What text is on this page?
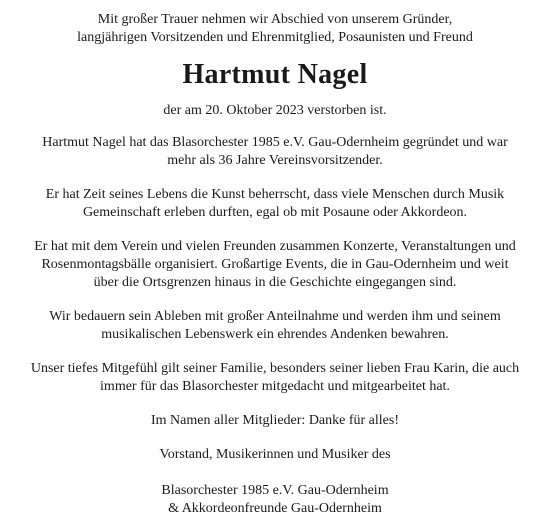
Mit großer Trauer nehmen wir Abschied von unserem Gründer,

langjährigen Vorsitzenden und Ehrenmitglied, Posaunisten und Freund

Hartmut Nagel

der am 20. Oktober 2023 verstorben ist.

Hartmut Nagel hat das Blasorchester 1985 e.V. Gau-Odernheim gegründet und war

mehr als 36 Jahre Vereinsvorsitzender.

Er hat Zeit seines Lebens die Kunst beherrscht, dass viele Menschen durch Musik

Gemeinschaft erleben durften, egal ob mit Posaune oder Akkordeon.

Er hat mit dem Verein und vielen Freunden zusammen Konzerte, Veranstaltungen und

Rosenmontagsbälle organisiert. Großartige Events, die in Gau-Odernheim und weit

über die Ortsgrenzen hinaus in die Geschichte eingegangen sind.

Wir bedauern sein Ableben mit großer Anteilnahme und werden ihm und seinem

musikalischen Lebenswerk ein ehrendes Andenken bewahren.

Unser tiefes Mitgefühl gilt seiner Familie, besonders seiner lieben Frau Karin, die auch

immer für das Blasorchester mitgedacht und mitgearbeitet hat.

Im Namen aller Mitglieder: Danke für alles!

Vorstand, Musikerinnen und Musiker des

Blasorchester 1985 e.V. Gau-Odernheim

& Akkordeonfreunde Gau-Odernheim
